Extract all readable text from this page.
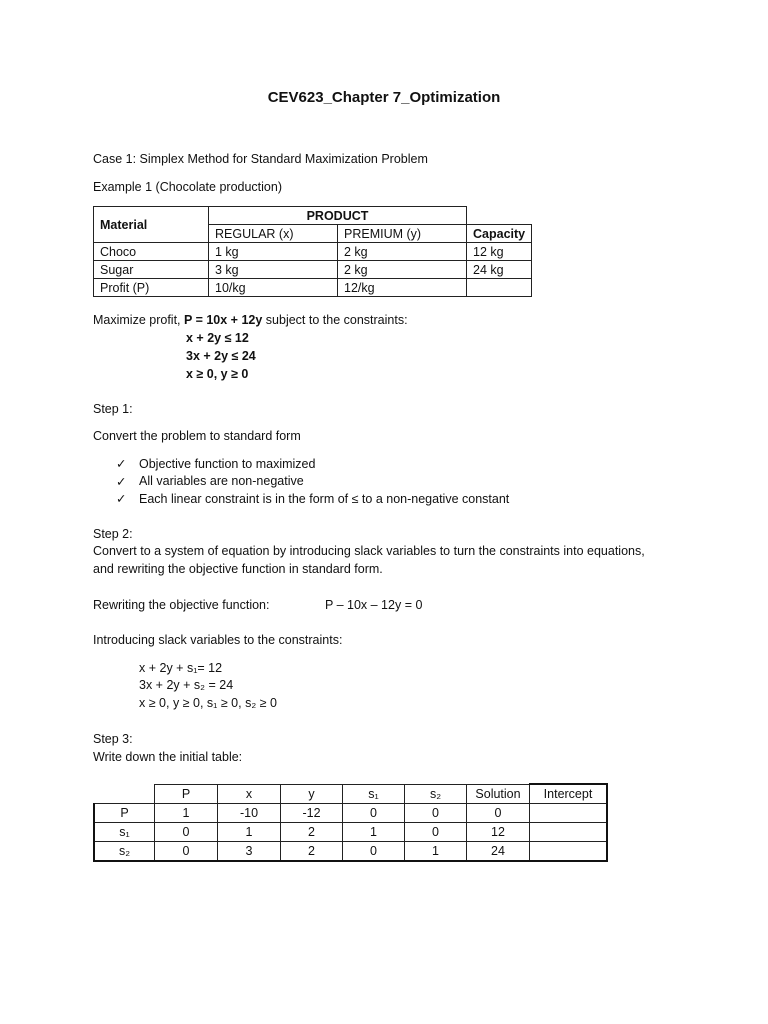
CEV623_Chapter 7_Optimization
Case 1: Simplex Method for Standard Maximization Problem
Example 1 (Chocolate production)
Material	PRODUCT		
	REGULAR (x)	PREMIUM (y)	Capacity
Choco	1 kg	2 kg	12 kg
Sugar	3 kg	2 kg	24 kg
Profit (P)	10/kg	12/kg	
Maximize profit, P = 10x + 12y subject to the constraints:
x + 2y ≤ 12
3x + 2y ≤ 24
x ≥ 0, y ≥ 0
Step 1:
Convert the problem to standard form
✓ Objective function to maximized
✓ All variables are non-negative
✓ Each linear constraint is in the form of ≤ to a non-negative constant
Step 2:
Convert to a system of equation by introducing slack variables to turn the constraints into equations,
and rewriting the objective function in standard form.
Rewriting the objective function:	P – 10x – 12y = 0
Introducing slack variables to the constraints:
x + 2y + s₁= 12
3x + 2y + s₂ = 24
x ≥ 0, y ≥ 0, s₁ ≥ 0, s₂ ≥ 0
Step 3:
Write down the initial table:
	P	x	y	s₁	s₂	Solution	Intercept
P	1	-10	-12	0	0	0	
s₁	0	1	2	1	0	12	
s₂	0	3	2	0	1	24	
